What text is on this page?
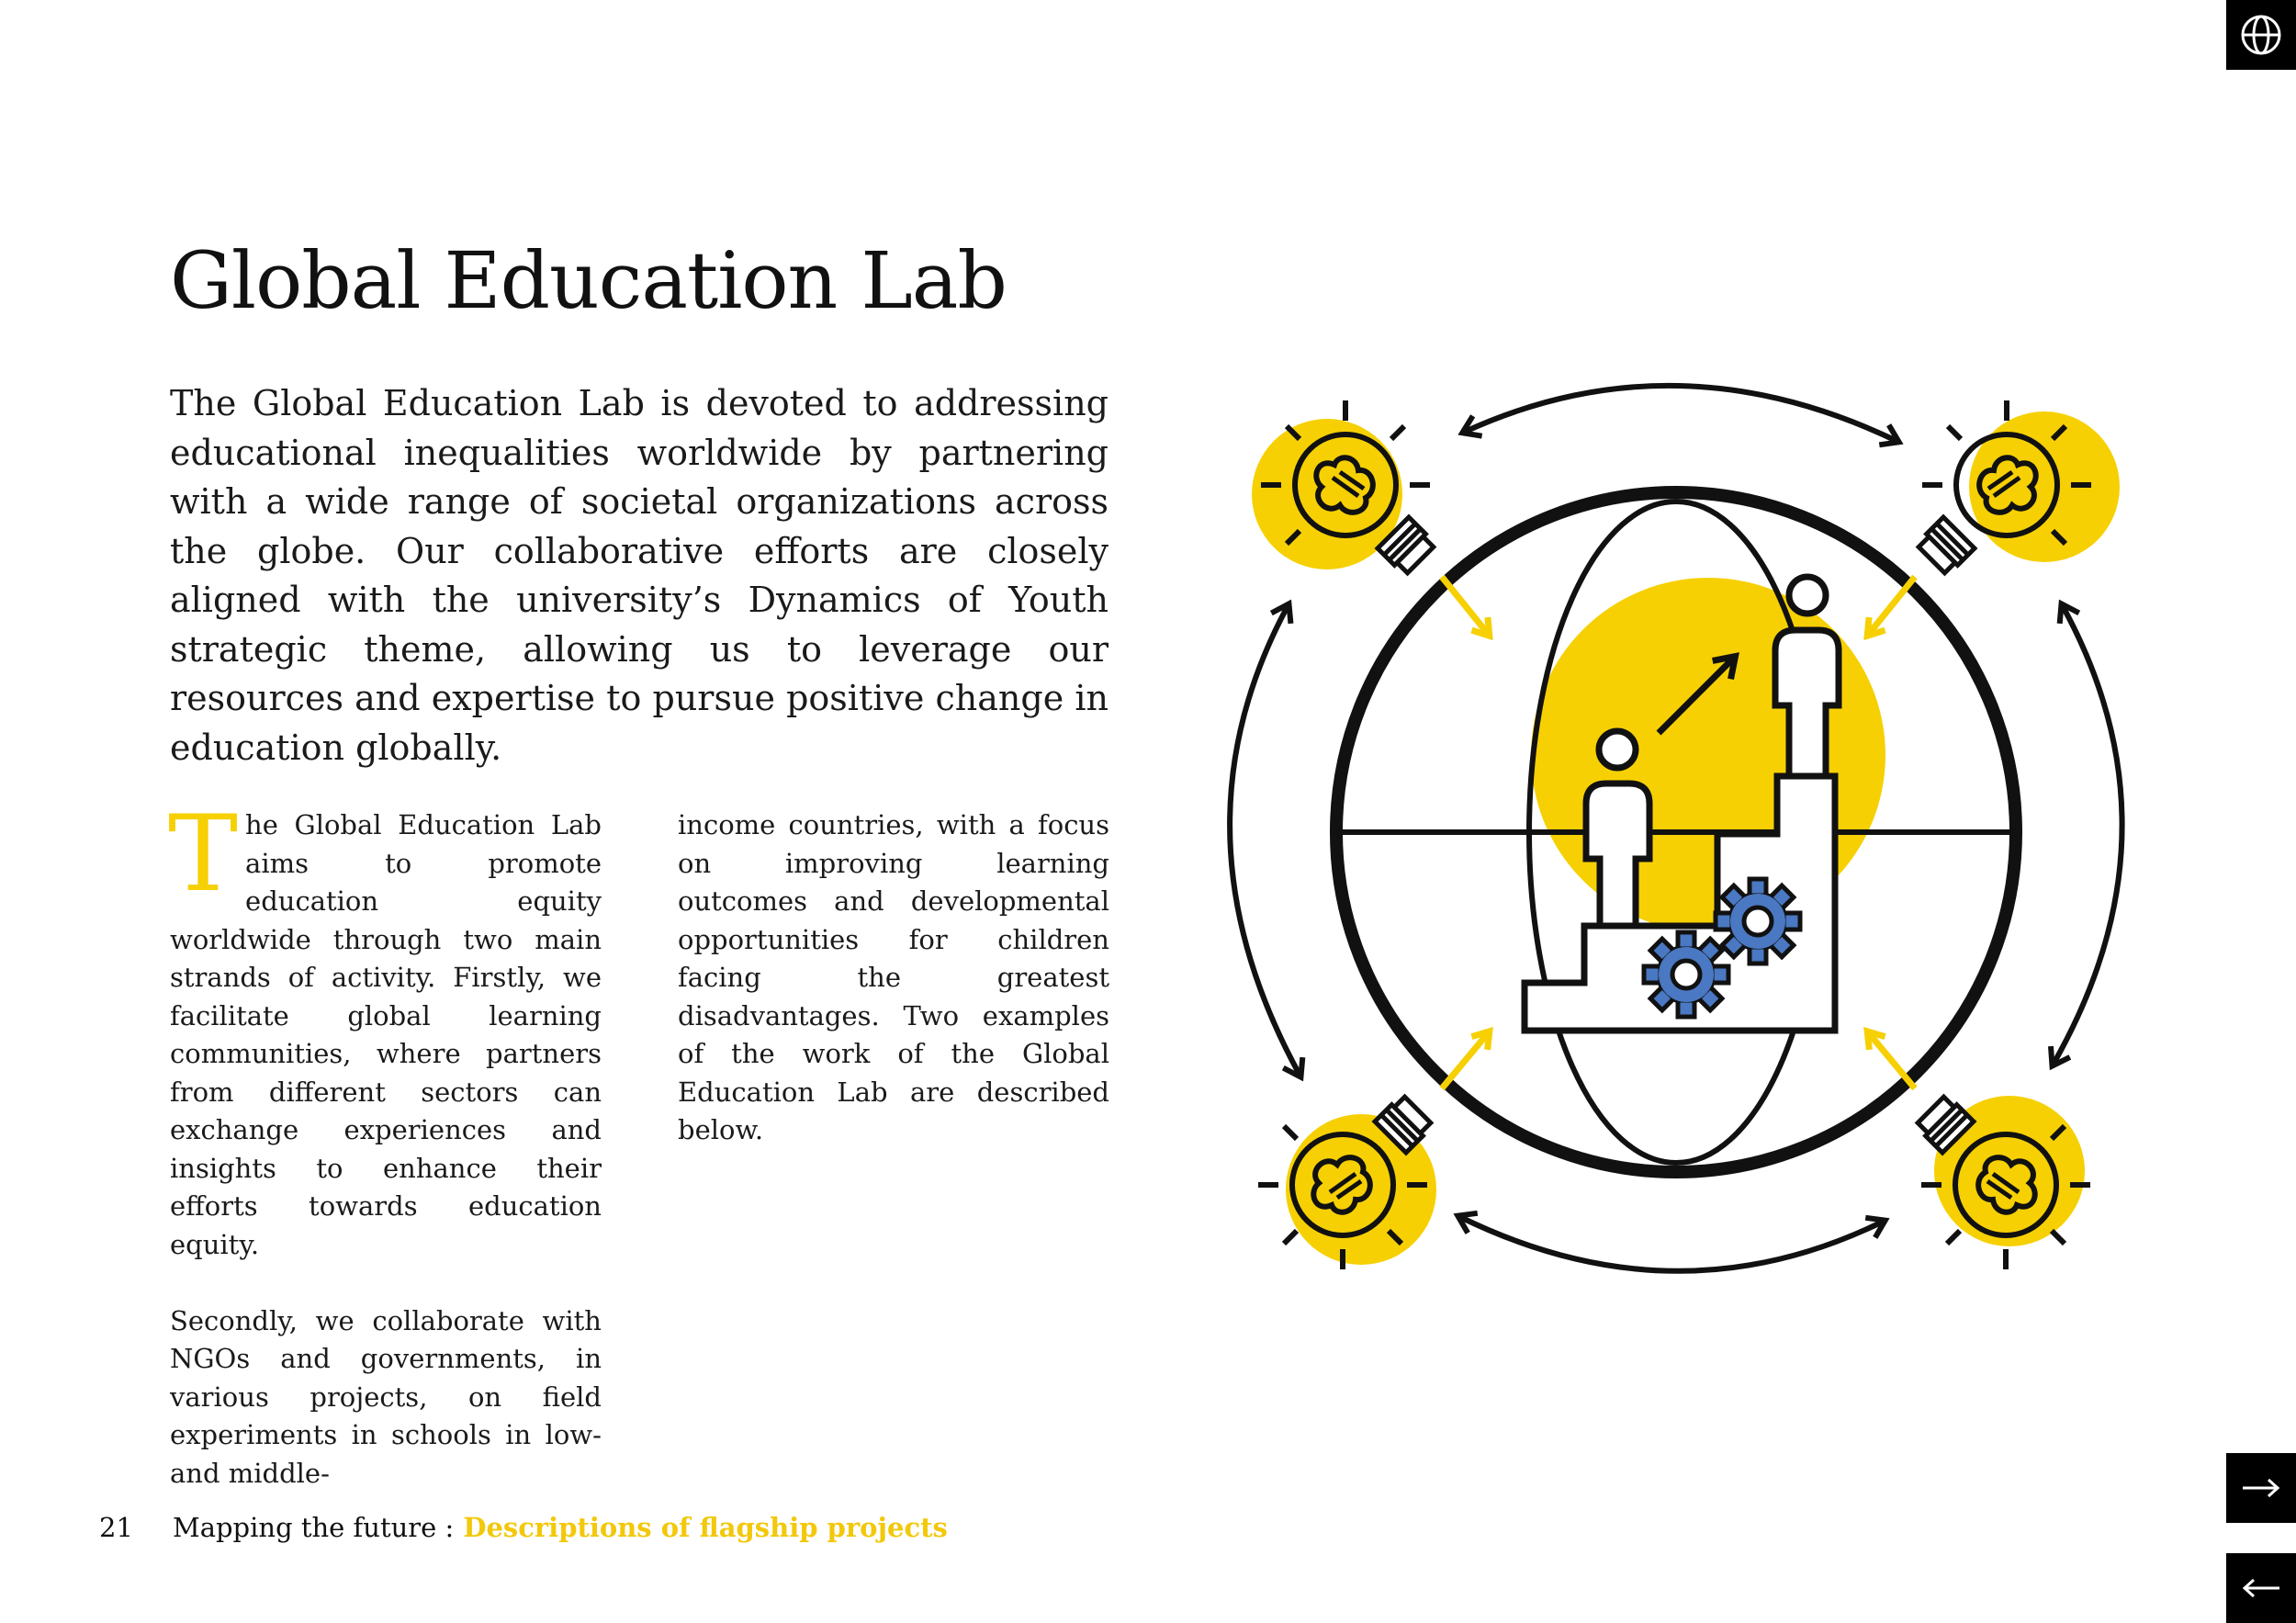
Global Education Lab

The Global Education Lab is devoted to addressing educational inequalities worldwide by partnering with a wide range of societal organizations across the globe. Our collaborative efforts are closely aligned with the university’s Dynamics of Youth strategic theme, allowing us to leverage our resources and expertise to pursue positive change in education globally.

The Global Education Lab aims to promote education equity worldwide through two main strands of activity. Firstly, we facilitate global learning communities, where partners from different sectors can exchange experiences and insights to enhance their efforts towards education equity.

Secondly, we collaborate with NGOs and governments, in various projects, on field experiments in schools in low- and middle-

income countries, with a focus on improving learning outcomes and developmental opportunities for children facing the greatest disadvantages. Two examples of the work of the Global Education Lab are described below.

21	Mapping the future : Descriptions of flagship projects
